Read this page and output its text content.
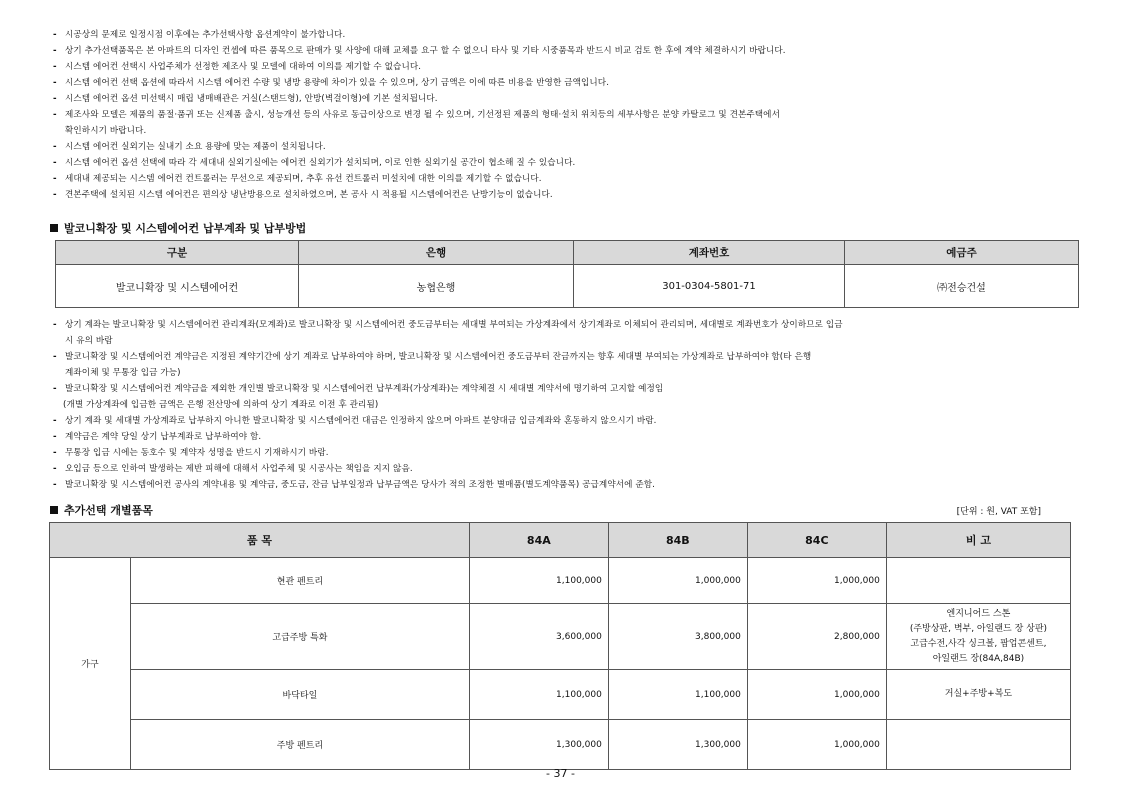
- 시공상의 문제로 일정시점 이후에는 추가선택사항 옵션계약이 불가합니다.
- 상기 추가선택품목은 본 아파트의 디자인 컨셉에 따른 품목으로 판매가 및 사양에 대해 교체를 요구 할 수 없으니 타사 및 기타 시중품목과 반드시 비교 검토 한 후에 계약 체결하시기 바랍니다.
- 시스템 에어컨 선택시 사업주체가 선정한 제조사 및 모델에 대하여 이의를 제기할 수 없습니다.
- 시스템 에어컨 선택 옵션에 따라서 시스템 에어컨 수량 및 냉방 용량에 차이가 있을 수 있으며, 상기 금액은 이에 따른 비용을 반영한 금액입니다.
- 시스템 에어컨 옵션 미선택시 매립 냉매배관은 거실(스탠드형), 안방(벽걸이형)에 기본 설치됩니다.
- 제조사와 모델은 제품의 품절·품귀 또는 신제품 출시, 성능개선 등의 사유로 동급이상으로 변경 될 수 있으며, 기선정된 제품의 형태·설치 위치등의 세부사항은 분양 카탈로그 및 견본주택에서
확인하시기 바랍니다.
- 시스템 에어컨 실외기는 실내기 소요 용량에 맞는 제품이 설치됩니다.
- 시스템 에어컨 옵션 선택에 따라 각 세대내 실외기실에는 에어컨 실외기가 설치되며, 이로 인한 실외기실 공간이 협소해 질 수 있습니다.
- 세대내 제공되는 시스템 에어컨 컨트롤러는 무선으로 제공되며, 추후 유선 컨트롤러 미설치에 대한 이의를 제기할 수 없습니다.
- 견본주택에 설치된 시스템 에어컨은 편의상 냉난방용으로 설치하였으며, 본 공사 시 적용될 시스템에어컨은 난방기능이 없습니다.
발코니확장 및 시스템에어컨 납부계좌 및 납부방법
구분	은행	계좌번호	예금주
발코니확장 및 시스템에어컨	농협은행	301-0304-5801-71	㈜전승건설
- 상기 계좌는 발코니확장 및 시스템에어컨 관리계좌(모계좌)로 발코니확장 및 시스템에어컨 중도금부터는 세대별 부여되는 가상계좌에서 상기계좌로 이체되어 관리되며, 세대별로 계좌번호가 상이하므로 입금
시 유의 바람
- 발코니확장 및 시스템에어컨 계약금은 지정된 계약기간에 상기 계좌로 납부하여야 하며, 발코니확장 및 시스템에어컨 중도금부터 잔금까지는 향후 세대별 부여되는 가상계좌로 납부하여야 함(타 은행
계좌이체 및 무통장 입금 가능)
- 발코니확장 및 시스템에어컨 계약금을 제외한 개인별 발코니확장 및 시스템에어컨 납부계좌(가상계좌)는 계약체결 시 세대별 계약서에 명기하여 고지할 예정임
(개별 가상계좌에 입금한 금액은 은행 전산망에 의하여 상기 계좌로 이전 후 관리됨)
- 상기 계좌 및 세대별 가상계좌로 납부하지 아니한 발코니확장 및 시스템에어컨 대금은 인정하지 않으며 아파트 분양대금 입금계좌와 혼동하지 않으시기 바람.
- 계약금은 계약 당일 상기 납부계좌로 납부하여야 함.
- 무통장 입금 시에는 동호수 및 계약자 성명을 반드시 기재하시기 바람.
- 오입금 등으로 인하여 발생하는 제반 피해에 대해서 사업주체 및 시공사는 책임을 지지 않음.
- 발코니확장 및 시스템에어컨 공사의 계약내용 및 계약금, 중도금, 잔금 납부일정과 납부금액은 당사가 적의 조정한 별매품(별도계약품목) 공급계약서에 준함.
추가선택 개별품목	[단위 : 원, VAT 포함]
품 목		84A	84B	84C	비 고
가구	현관 펜트리	1,100,000	1,000,000	1,000,000	
	고급주방 특화	3,600,000	3,800,000	2,800,000	엔지니어드 스톤
(주방상판, 벽부, 아일랜드 장 상판)
고급수전,사각 싱크볼, 팝업콘센트,
아일랜드 장(84A,84B)

	바닥타일	1,100,000	1,100,000	1,000,000	거실+주방+복도

	주방 펜트리	1,300,000	1,300,000	1,000,000	
- 37 -
